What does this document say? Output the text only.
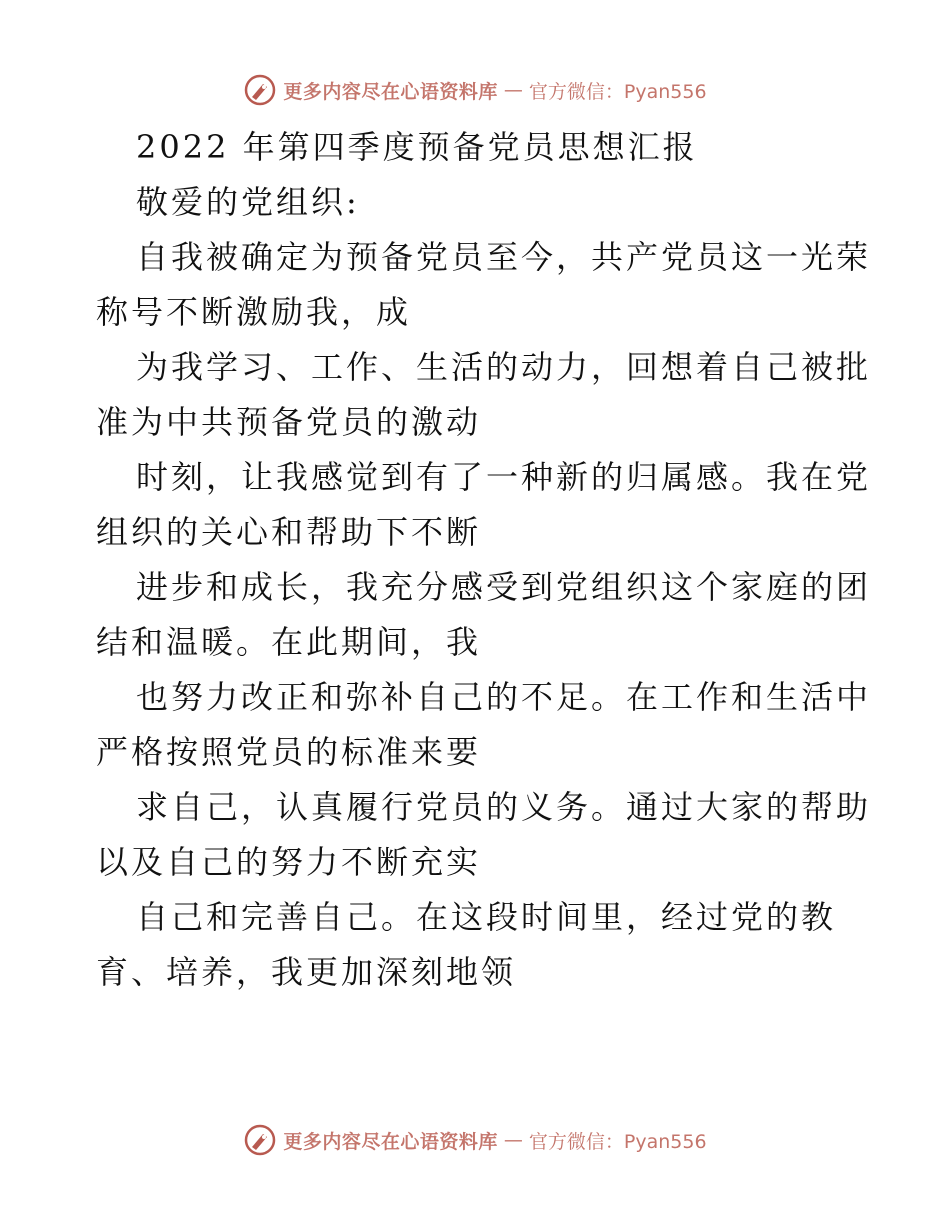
更多内容尽在心语资料库 — 官方微信：Pyan556

2022 年第四季度预备党员思想汇报

敬爱的党组织:

自我被确定为预备党员至今，共产党员这一光荣

称号不断激励我，成

为我学习、工作、生活的动力，回想着自己被批

准为中共预备党员的激动

时刻，让我感觉到有了一种新的归属感。我在党

组织的关心和帮助下不断

进步和成长，我充分感受到党组织这个家庭的团

结和温暖。在此期间，我

也努力改正和弥补自己的不足。在工作和生活中

严格按照党员的标准来要

求自己，认真履行党员的义务。通过大家的帮助

以及自己的努力不断充实

自己和完善自己。在这段时间里，经过党的教

育、培养，我更加深刻地领

更多内容尽在心语资料库 — 官方微信：Pyan556
